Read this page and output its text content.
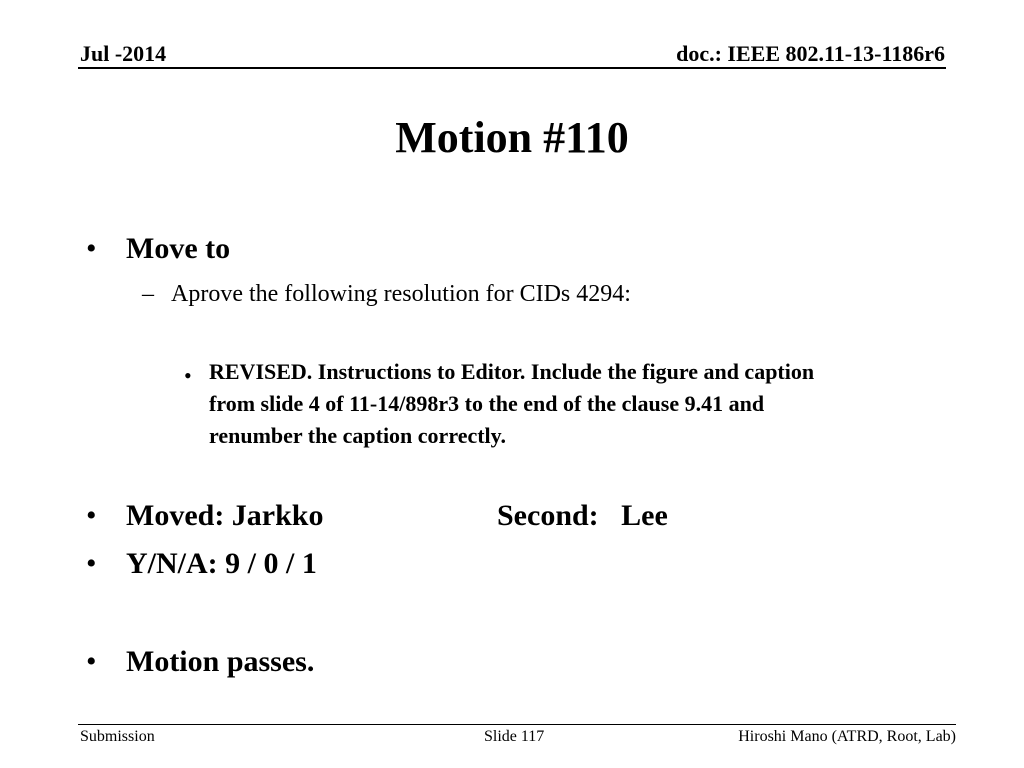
Jul -2014	doc.: IEEE 802.11-13-1186r6
Motion #110
• Move to
– Aprove the following resolution for CIDs 4294:
• REVISED. Instructions to Editor. Include the figure and caption
from slide 4 of 11-14/898r3 to the end of the clause 9.41 and
renumber the caption correctly.
• Moved: Jarkko	Second:   Lee
• Y/N/A: 9 / 0 / 1
• Motion passes.
Submission	Slide 117	Hiroshi Mano (ATRD, Root, Lab)
